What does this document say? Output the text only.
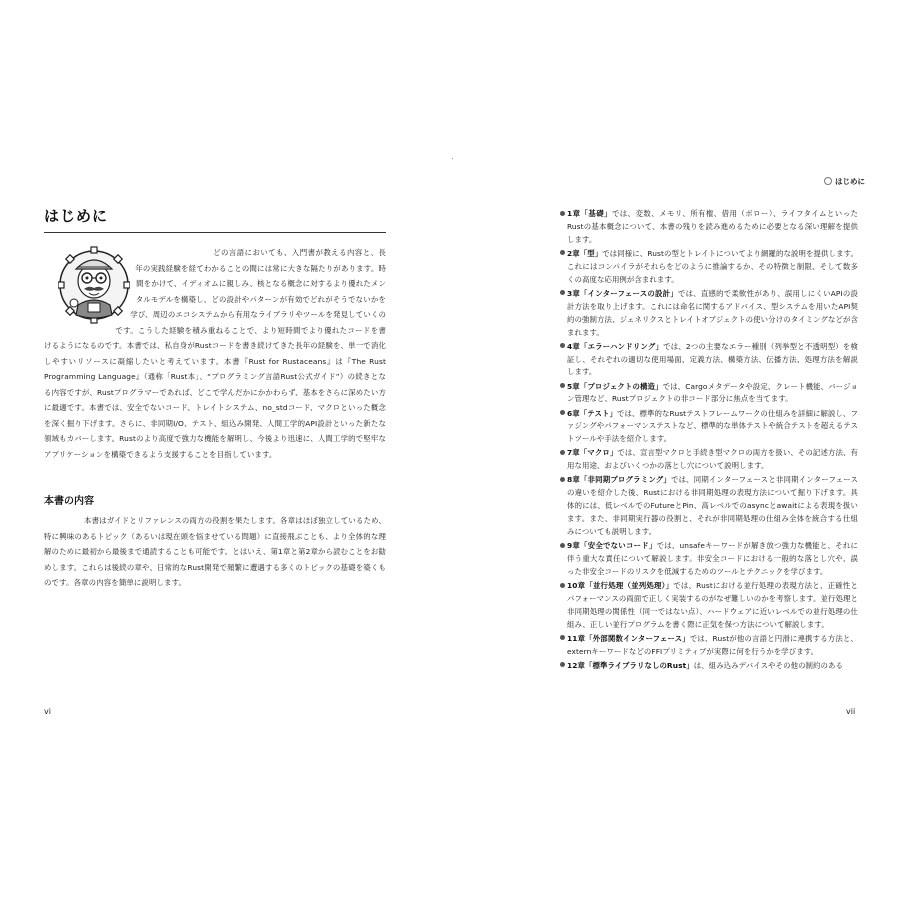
はじめに

どの言語においても、入門書が教える内容と、長年の実践経験を経てわかることの間には常に大きな隔たりがあります。時間をかけて、イディオムに親しみ、核となる概念に対するより優れたメンタルモデルを構築し、どの設計やパターンが有効でどれがそうでないかを学び、周辺のエコシステムから有用なライブラリやツールを発見していくのです。こうした経験を積み重ねることで、より短時間でより優れたコードを書けるようになるのです。本書では、私自身がRustコードを書き続けてきた長年の経験を、単一で消化しやすいリソースに凝縮したいと考えています。本書『Rust for Rustaceans』は『The Rust Programming Language』（通称「Rust本」、“プログラミング言語Rust公式ガイド”）の続きとなる内容ですが、Rustプログラマーであれば、どこで学んだかにかかわらず、基本をさらに深めたい方に最適です。本書では、安全でないコード、トレイトシステム、no_stdコード、マクロといった概念を深く掘り下げます。さらに、非同期I/O、テスト、組込み開発、人間工学的API設計といった新たな領域もカバーします。Rustのより高度で強力な機能を解明し、今後より迅速に、人間工学的で堅牢なアプリケーションを構築できるよう支援することを目指しています。

本書の内容

本書はガイドとリファレンスの両方の役割を果たします。各章はほぼ独立しているため、特に興味のあるトピック（あるいは現在頭を悩ませている問題）に直接飛ぶことも、より全体的な理解のために最初から最後まで通読することも可能です。とはいえ、第1章と第2章から読むことをお勧めします。これらは後続の章や、日常的なRust開発で頻繁に遭遇する多くのトピックの基礎を築くものです。各章の内容を簡単に説明します。

vi
はじめに
1章「基礎」では、変数、メモリ、所有権、借用（ボロー）、ライフタイムといったRustの基本概念について、本書の残りを読み進めるために必要となる深い理解を提供します。
2章「型」では同様に、Rustの型とトレイトについてより網羅的な説明を提供します。これにはコンパイラがそれらをどのように推論するか、その特徴と制限、そして数多くの高度な応用例が含まれます。
3章「インターフェースの設計」では、直感的で柔軟性があり、誤用しにくいAPIの設計方法を取り上げます。これには命名に関するアドバイス、型システムを用いたAPI契約の強制方法、ジェネリクスとトレイトオブジェクトの使い分けのタイミングなどが含まれます。
4章「エラーハンドリング」では、2つの主要なエラー種別（列挙型と不透明型）を検証し、それぞれの適切な使用場面、定義方法、構築方法、伝播方法、処理方法を解説します。
5章「プロジェクトの構造」では、Cargoメタデータや設定、クレート機能、バージョン管理など、Rustプロジェクトの非コード部分に焦点を当てます。
6章「テスト」では、標準的なRustテストフレームワークの仕組みを詳細に解説し、ファジングやパフォーマンステストなど、標準的な単体テストや統合テストを超えるテストツールや手法を紹介します。
7章「マクロ」では、宣言型マクロと手続き型マクロの両方を扱い、その記述方法、有用な用途、およびいくつかの落とし穴について説明します。
8章「非同期プログラミング」では、同期インターフェースと非同期インターフェースの違いを紹介した後、Rustにおける非同期処理の表現方法について掘り下げます。具体的には、低レベルでのFutureとPin、高レベルでのasyncとawaitによる表現を扱います。また、非同期実行器の役割と、それが非同期処理の仕組み全体を統合する仕組みについても説明します。
9章「安全でないコード」では、unsafeキーワードが解き放つ強力な機能と、それに伴う重大な責任について解説します。非安全コードにおける一般的な落とし穴や、誤った非安全コードのリスクを低減するためのツールとテクニックを学びます。
10章「並行処理（並列処理）」では、Rustにおける並行処理の表現方法と、正確性とパフォーマンスの両面で正しく実装するのがなぜ難しいのかを考察します。並行処理と非同期処理の関係性（同一ではない点）、ハードウェアに近いレベルでの並行処理の仕組み、正しい並行プログラムを書く際に正気を保つ方法について解説します。
11章「外部関数インターフェース」では、Rustが他の言語と円滑に連携する方法と、externキーワードなどのFFIプリミティブが実際に何を行うかを学びます。
12章「標準ライブラリなしのRust」は、組み込みデバイスやその他の制約のある
vii
